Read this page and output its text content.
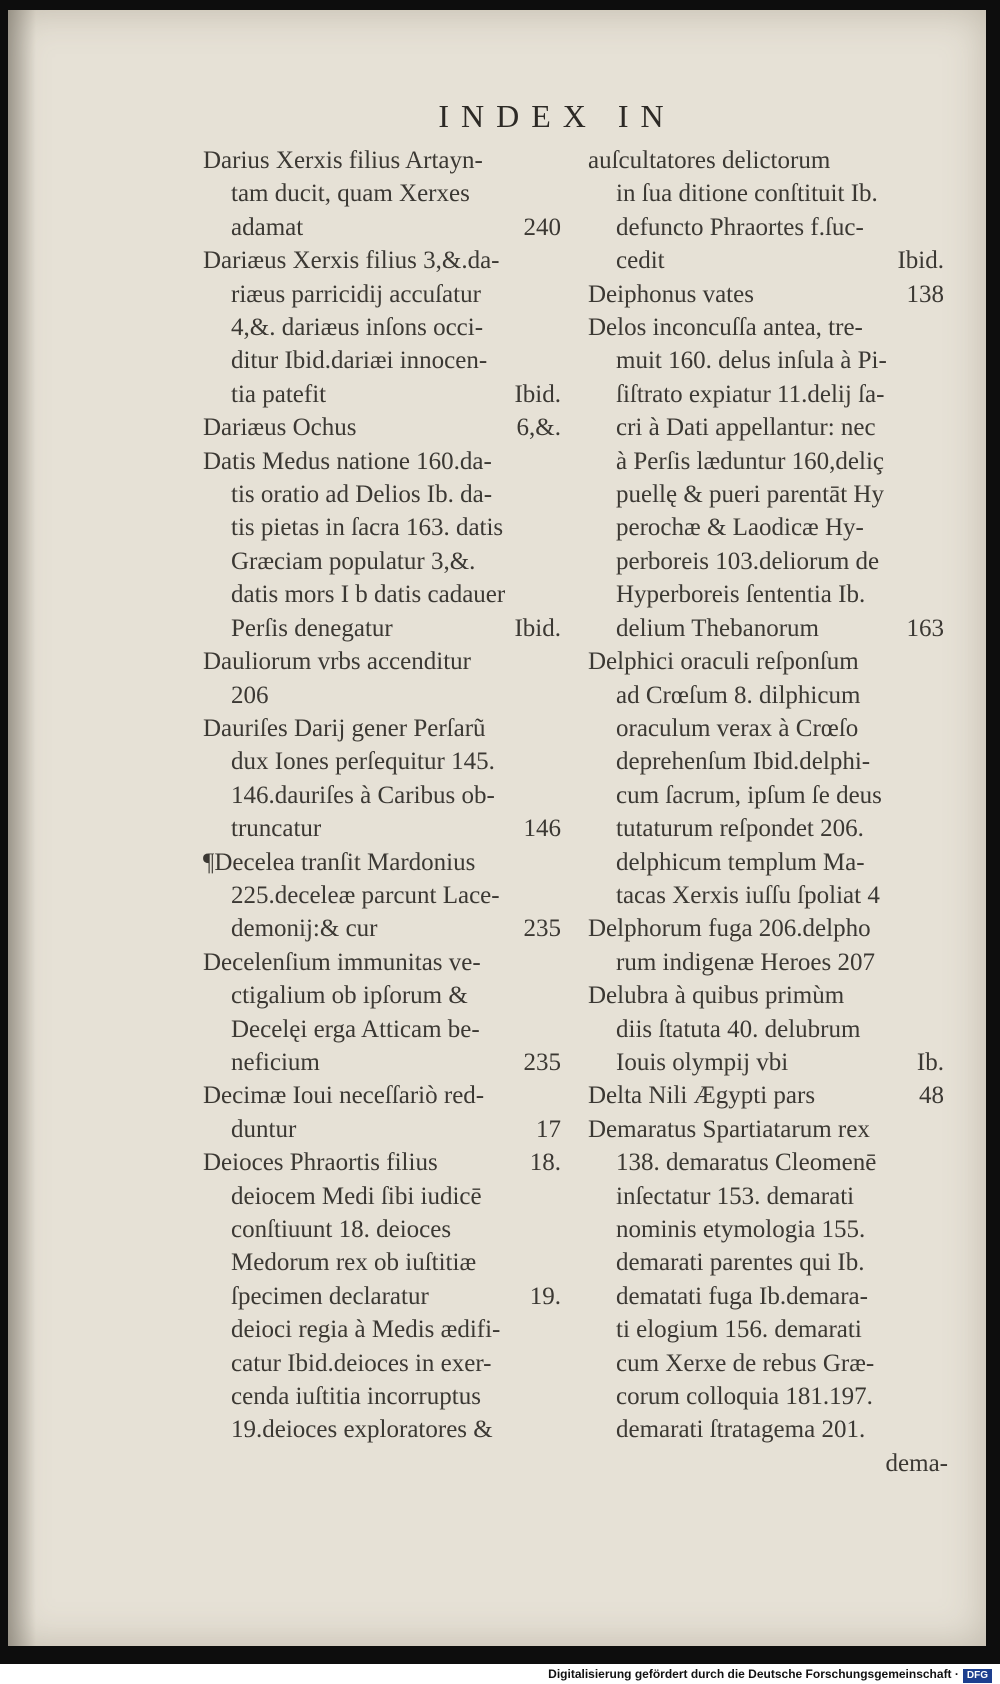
INDEX IN
Darius Xerxis filius Artayn-
tam ducit, quam Xerxes
adamat	240
Dariæus Xerxis filius 3,&.da-
riæus parricidij accuſatur
4,&. dariæus inſons occi-
ditur Ibid.dariæi innocen-
tia patefit	Ibid.
Dariæus Ochus	6,&.
Datis Medus natione 160.da-
tis oratio ad Delios Ib. da-
tis pietas in ſacra 163. datis
Græciam populatur 3,&.
datis mors I b datis cadauer
Perſis denegatur	Ibid.
Dauliorum vrbs accenditur
206
Dauriſes Darij gener Perſarũ
dux Iones perſequitur 145.
146.dauriſes à Caribus ob-
truncatur	146
¶Decelea tranſit Mardonius
225.deceleæ parcunt Lace-
demonij:& cur	235
Decelenſium immunitas ve-
ctigalium ob ipſorum &
Decelęi erga Atticam be-
neficium	235
Decimæ Ioui neceſſariò red-
duntur	17
Deioces Phraortis filius	18.
deiocem Medi ſibi iudicē
conſtiuunt 18. deioces
Medorum rex ob iuſtitiæ
ſpecimen declaratur	19.
deioci regia à Medis ædifi-
catur Ibid.deioces in exer-
cenda iuſtitia incorruptus
19.deioces exploratores &
auſcultatores delictorum
in ſua ditione conſtituit Ib.
defuncto Phraortes f.ſuc-
cedit	Ibid.
Deiphonus vates	138
Delos inconcuſſa antea, tre-
muit 160. delus inſula à Pi-
ſiſtrato expiatur 11.delij ſa-
cri à Dati appellantur: nec
à Perſis læduntur 160,deliç
puellę & pueri parentāt Hy
perochæ & Laodicæ Hy-
perboreis 103.deliorum de
Hyperboreis ſententia Ib.
delium Thebanorum	163
Delphici oraculi reſponſum
ad Crœſum 8. dilphicum
oraculum verax à Crœſo
deprehenſum Ibid.delphi-
cum ſacrum, ipſum ſe deus
tutaturum reſpondet 206.
delphicum templum Ma-
tacas Xerxis iuſſu ſpoliat 4
Delphorum fuga 206.delpho
rum indigenæ Heroes 207
Delubra à quibus primùm
diis ſtatuta 40. delubrum
Iouis olympij vbi	Ib.
Delta Nili Ægypti pars	48
Demaratus Spartiatarum rex
138. demaratus Cleomenē
inſectatur 153. demarati
nominis etymologia 155.
demarati parentes qui Ib.
dematati fuga Ib.demara-
ti elogium 156. demarati
cum Xerxe de rebus Græ-
corum colloquia 181.197.
demarati ſtratagema 201.
dema-
Digitalisierung gefördert durch die Deutsche Forschungsgemeinschaft · DFG
